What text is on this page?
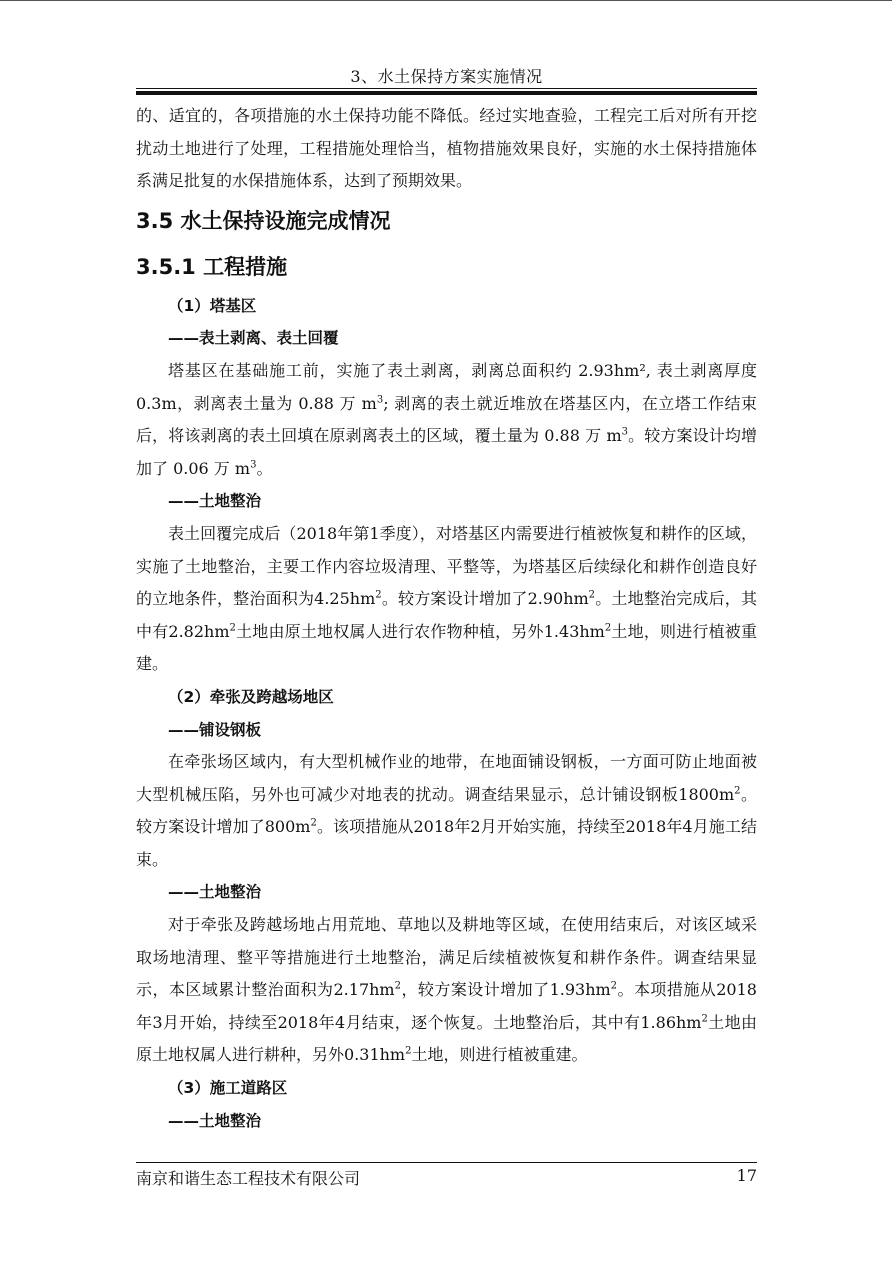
3、水土保持方案实施情况

的、适宜的，各项措施的水土保持功能不降低。经过实地查验，工程完工后对所有开挖扰动土地进行了处理，工程措施处理恰当，植物措施效果良好，实施的水土保持措施体系满足批复的水保措施体系，达到了预期效果。

3.5 水土保持设施完成情况
3.5.1 工程措施

（1）塔基区

——表土剥离、表土回覆

塔基区在基础施工前，实施了表土剥离，剥离总面积约 2.93hm², 表土剥离厚度 0.3m，剥离表土量为 0.88 万 $m^3$; 剥离的表土就近堆放在塔基区内，在立塔工作结束后，将该剥离的表土回填在原剥离表土的区域，覆土量为 0.88 万 $m^3$。较方案设计均增加了 0.06 万 $m^3$。

——土地整治

表土回覆完成后（2018年第1季度），对塔基区内需要进行植被恢复和耕作的区域，实施了土地整治，主要工作内容垃圾清理、平整等，为塔基区后续绿化和耕作创造良好的立地条件，整治面积为$4.25hm^2$。较方案设计增加了$2.90hm^2$。土地整治完成后，其中有$2.82hm^2$土地由原土地权属人进行农作物种植，另外$1.43hm^2$土地，则进行植被重建。

（2）牵张及跨越场地区

——铺设钢板

在牵张场区域内，有大型机械作业的地带，在地面铺设钢板，一方面可防止地面被大型机械压陷，另外也可减少对地表的扰动。调查结果显示，总计铺设钢板$1800m^2$。较方案设计增加了$800m^2$。该项措施从2018年2月开始实施，持续至2018年4月施工结束。

——土地整治

对于牵张及跨越场地占用荒地、草地以及耕地等区域，在使用结束后，对该区域采取场地清理、整平等措施进行土地整治，满足后续植被恢复和耕作条件。调查结果显示，本区域累计整治面积为$2.17hm^2$，较方案设计增加了$1.93hm^2$。本项措施从2018年3月开始，持续至2018年4月结束，逐个恢复。土地整治后，其中有$1.86hm^2$土地由原土地权属人进行耕种，另外$0.31hm^2$土地，则进行植被重建。

（3）施工道路区

——土地整治

南京和谐生态工程技术有限公司	17
